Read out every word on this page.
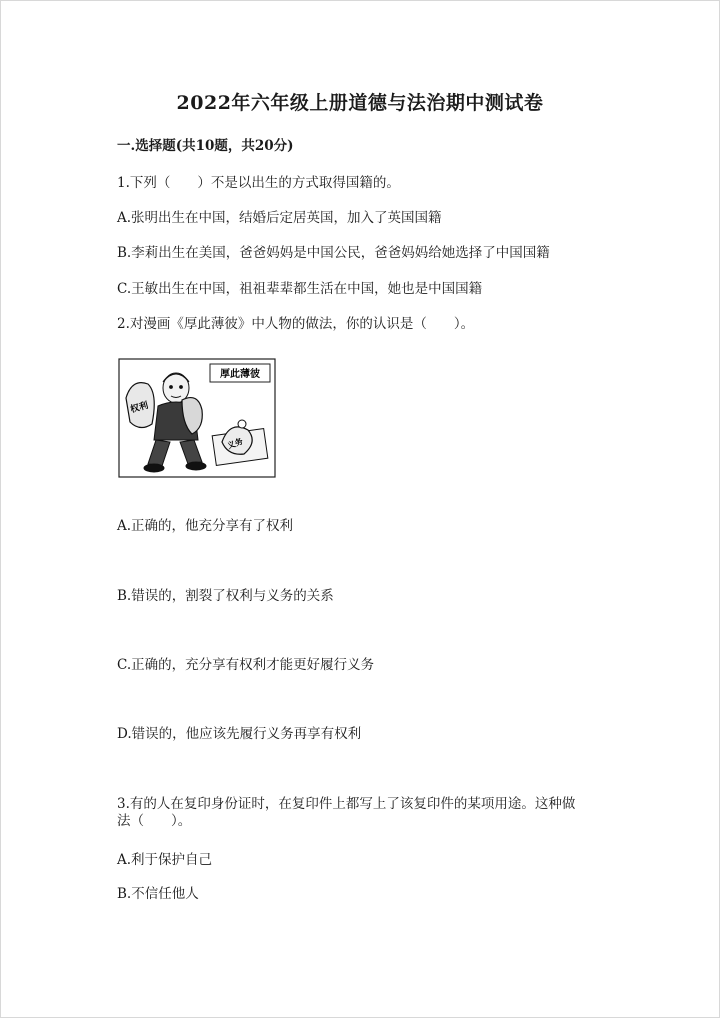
2022年六年级上册道德与法治期中测试卷
一.选择题(共10题，共20分)
1.下列（　　）不是以出生的方式取得国籍的。
A.张明出生在中国，结婚后定居英国，加入了英国国籍
B.李莉出生在美国，爸爸妈妈是中国公民，爸爸妈妈给她选择了中国国籍
C.王敏出生在中国，祖祖辈辈都生活在中国，她也是中国国籍
2.对漫画《厚此薄彼》中人物的做法，你的认识是（　　）。
厚此薄彼
权利
义务
A.正确的，他充分享有了权利
B.错误的，割裂了权利与义务的关系
C.正确的，充分享有权利才能更好履行义务
D.错误的，他应该先履行义务再享有权利
3.有的人在复印身份证时，在复印件上都写上了该复印件的某项用途。这种做
法（　　）。
A.利于保护自己
B.不信任他人
